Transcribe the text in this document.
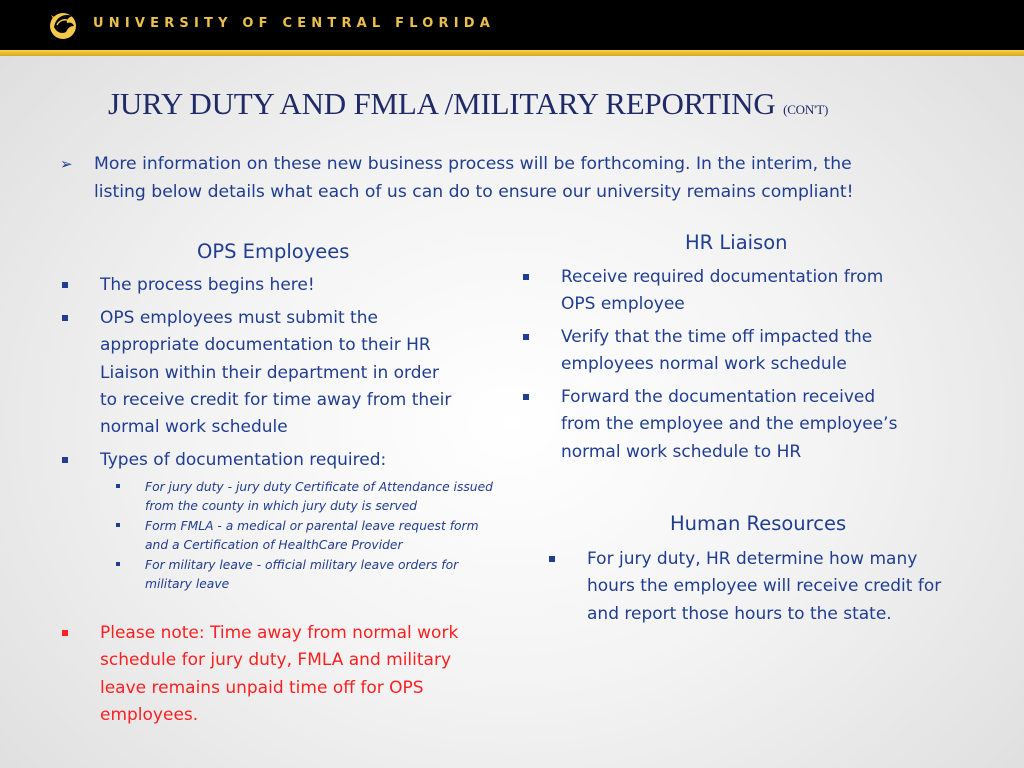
UNIVERSITY OF CENTRAL FLORIDA
JURY DUTY AND FMLA /MILITARY REPORTING (CON'T)
➢ More information on these new business process will be forthcoming. In the interim, the

listing below details what each of us can do to ensure our university remains compliant!

OPS Employees
The process begins here!
OPS employees must submit the
appropriate documentation to their HR
Liaison within their department in order
to receive credit for time away from their
normal work schedule
Types of documentation required:
For jury duty - jury duty Certificate of Attendance issued
from the county in which jury duty is served
Form FMLA - a medical or parental leave request form
and a Certification of HealthCare Provider
For military leave - official military leave orders for
military leave
Please note: Time away from normal work
schedule for jury duty, FMLA and military
leave remains unpaid time off for OPS
employees.
HR Liaison
Receive required documentation from
OPS employee
Verify that the time off impacted the
employees normal work schedule
Forward the documentation received
from the employee and the employee’s
normal work schedule to HR
Human Resources
For jury duty, HR determine how many
hours the employee will receive credit for
and report those hours to the state.
